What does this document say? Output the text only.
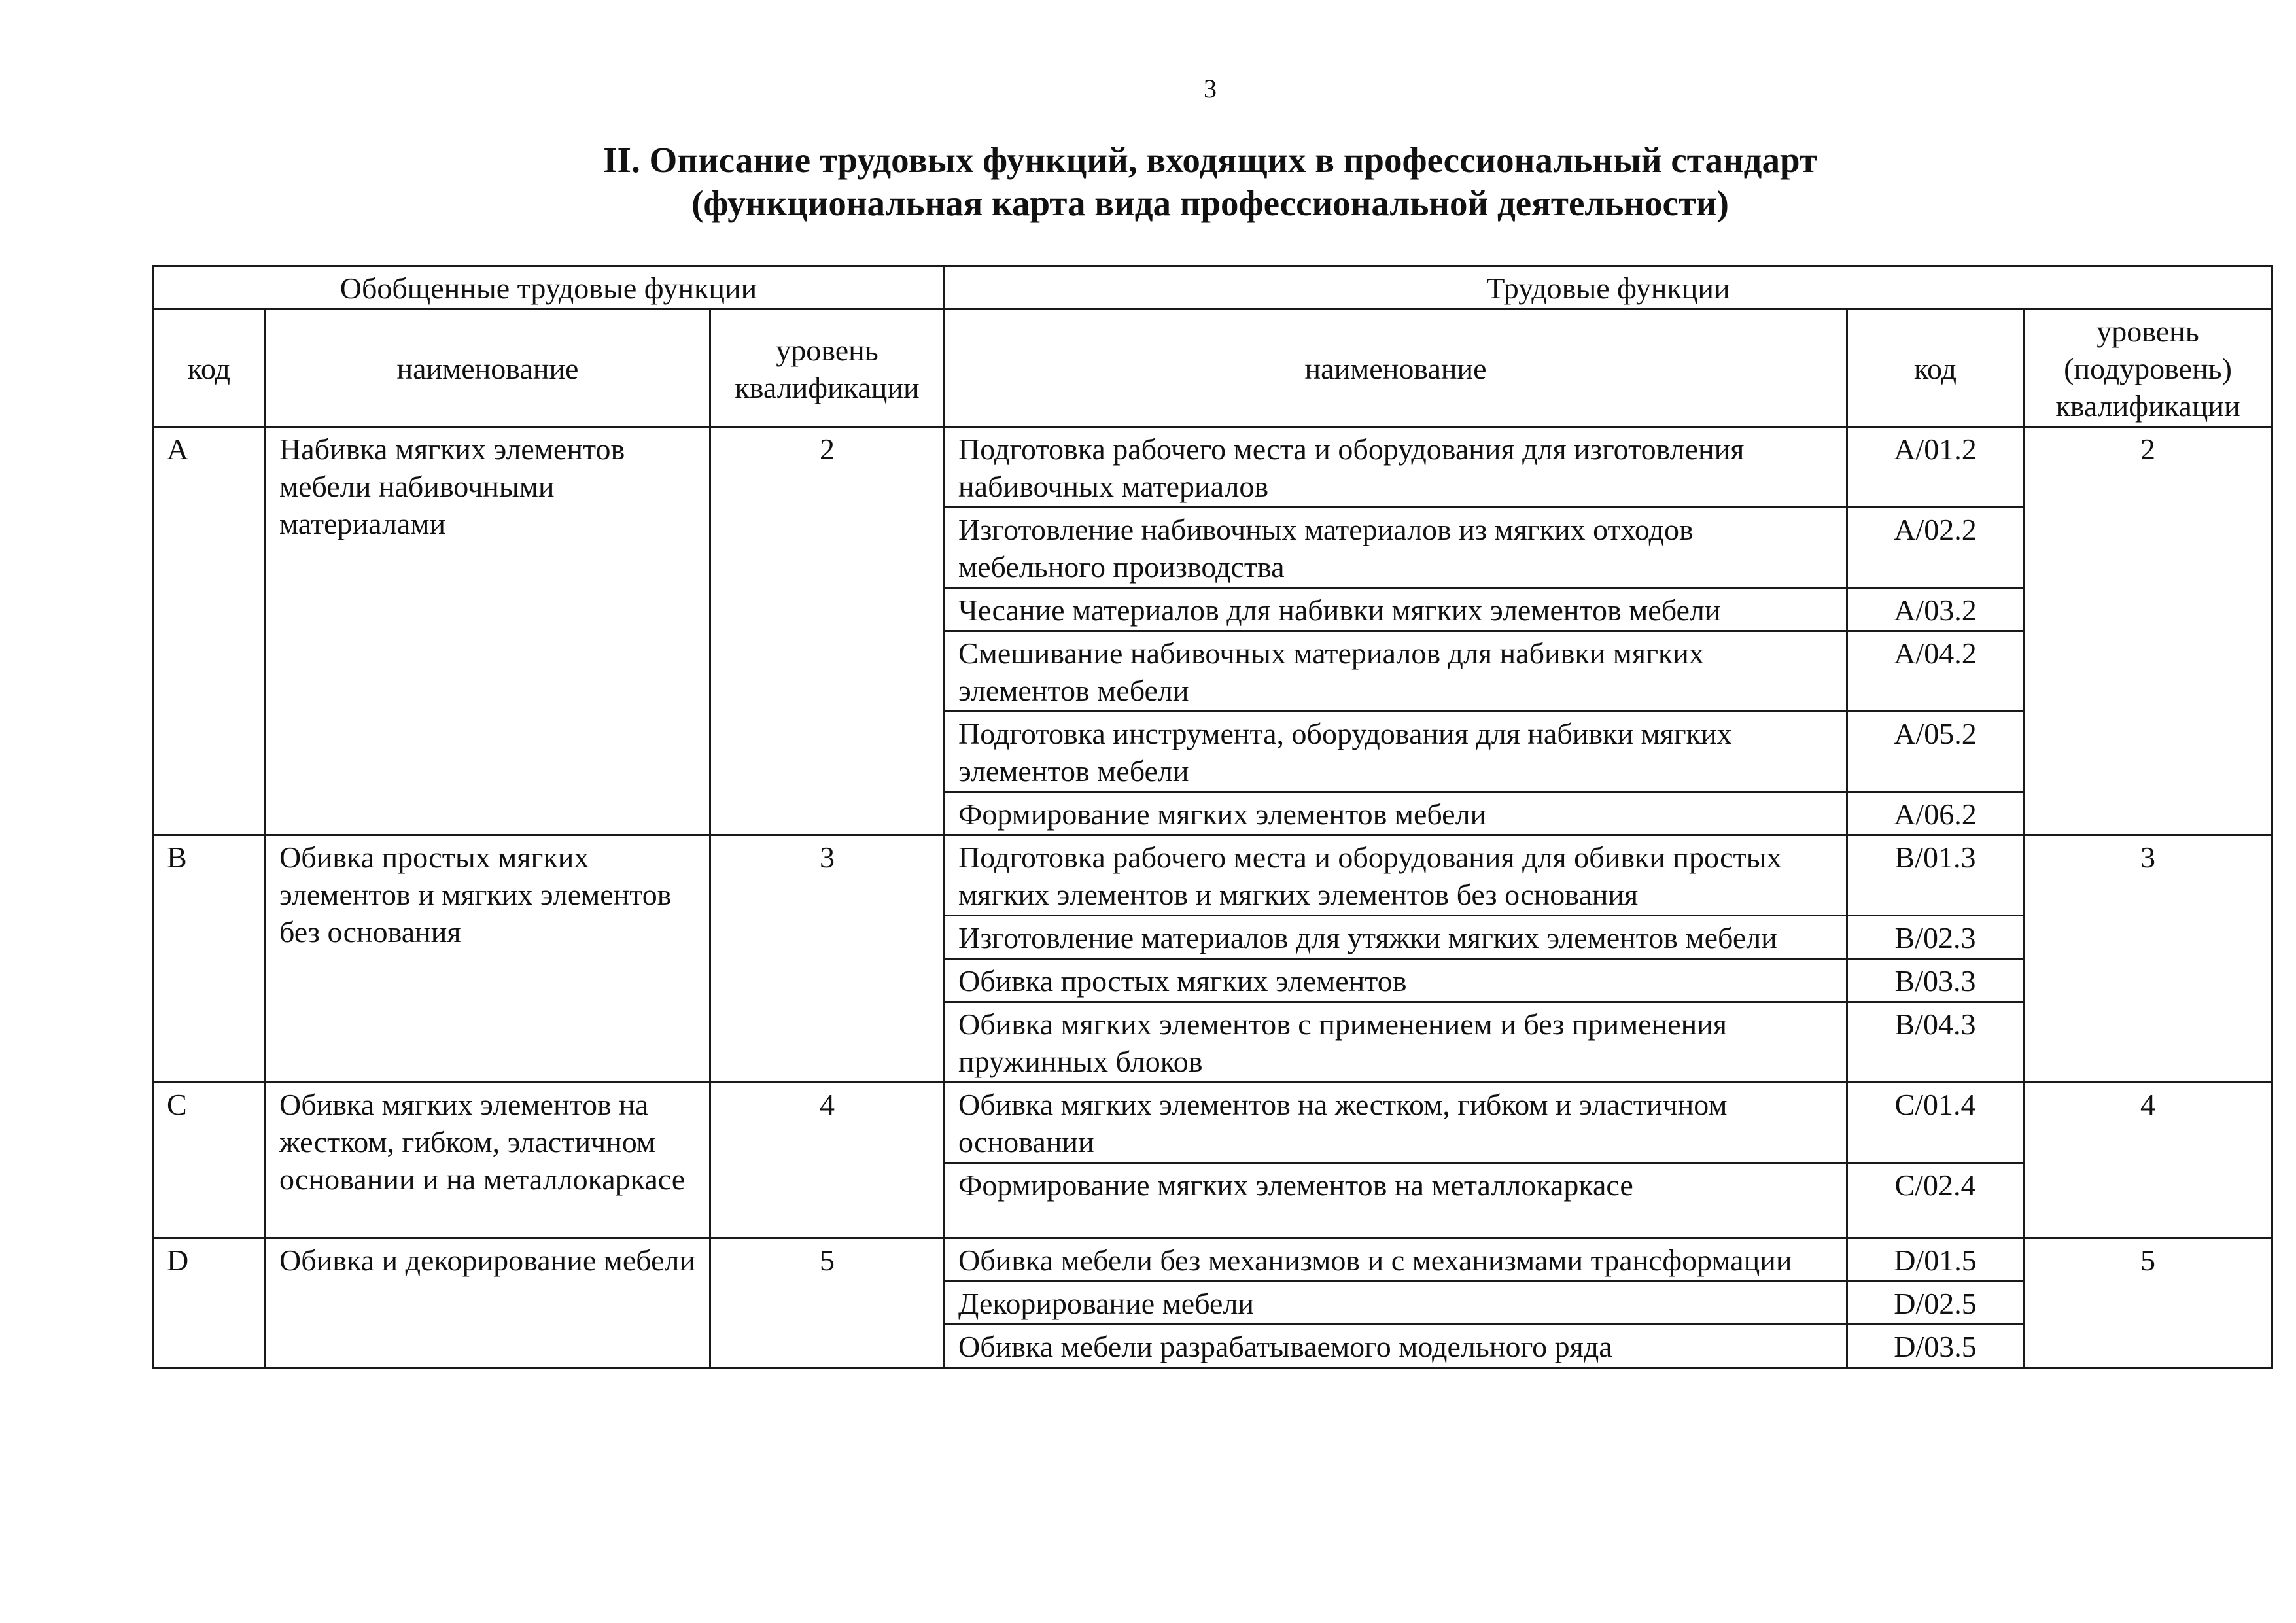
3
II. Описание трудовых функций, входящих в профессиональный стандарт
(функциональная карта вида профессиональной деятельности)
Обобщенные трудовые функции			Трудовые функции		
код	наименование	уровень квалификации	наименование	код	уровень (подуровень) квалификации
A	Набивка мягких элементов мебели набивочными материалами	2	Подготовка рабочего места и оборудования для изготовления набивочных материалов	A/01.2	2
			Изготовление набивочных материалов из мягких отходов мебельного производства	A/02.2	
			Чесание материалов для набивки мягких элементов мебели	A/03.2	
			Смешивание набивочных материалов для набивки мягких элементов мебели	A/04.2	
			Подготовка инструмента, оборудования для набивки мягких элементов мебели	A/05.2	
			Формирование мягких элементов мебели	A/06.2	
B	Обивка простых мягких элементов и мягких элементов без основания	3	Подготовка рабочего места и оборудования для обивки простых мягких элементов и мягких элементов без основания	B/01.3	3
			Изготовление материалов для утяжки мягких элементов мебели	B/02.3	
			Обивка простых мягких элементов	B/03.3	
			Обивка мягких элементов с применением и без применения пружинных блоков	B/04.3	
C	Обивка мягких элементов на жестком, гибком, эластичном основании и на металлокаркасе	4	Обивка мягких элементов на жестком, гибком и эластичном основании	C/01.4	4
			Формирование мягких элементов на металлокаркасе	C/02.4	
D	Обивка и декорирование мебели	5	Обивка мебели без механизмов и с механизмами трансформации	D/01.5	5
			Декорирование мебели	D/02.5	
			Обивка мебели разрабатываемого модельного ряда	D/03.5	
